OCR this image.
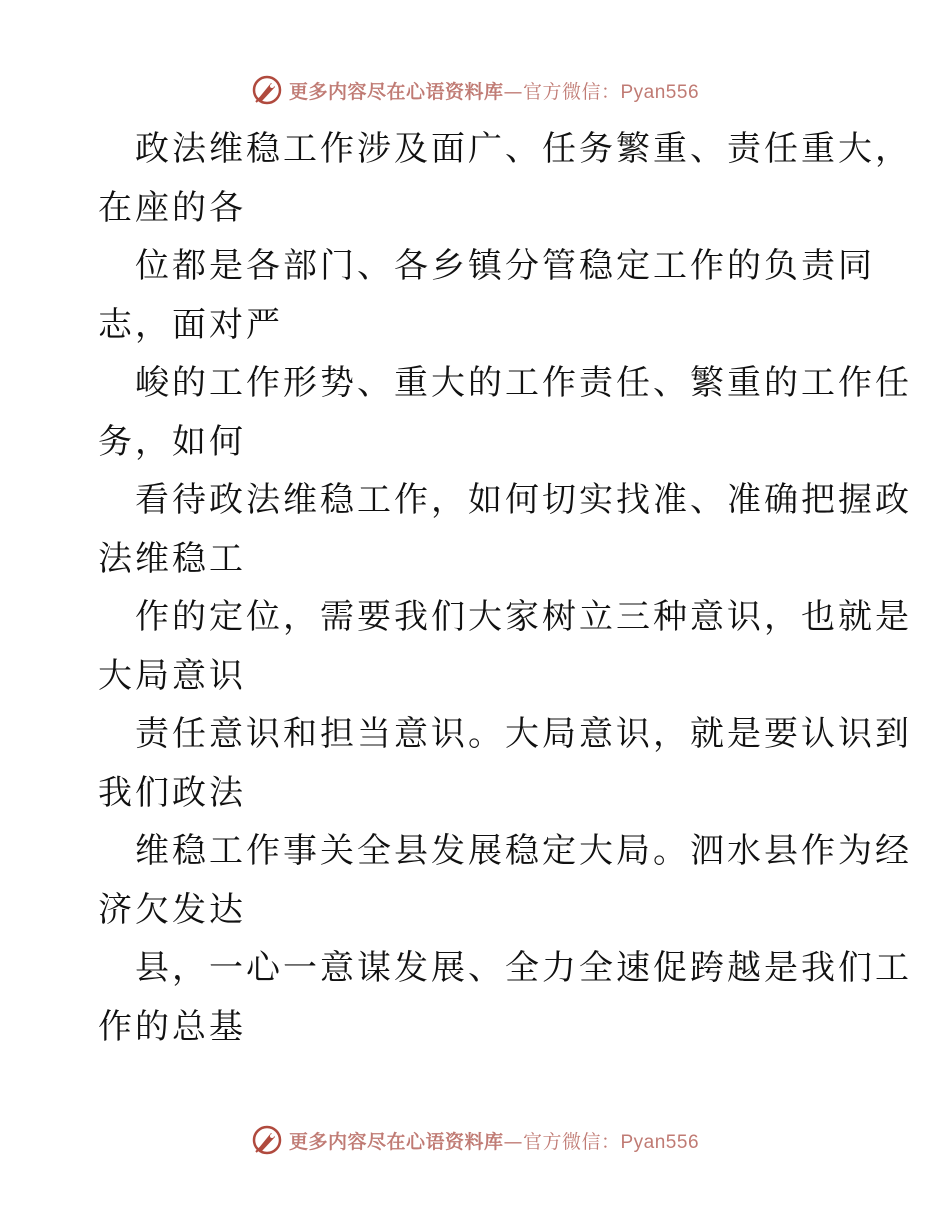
更多内容尽在心语资料库—官方微信：Pyan556
政法维稳工作涉及面广、任务繁重、责任重大，
在座的各
位都是各部门、各乡镇分管稳定工作的负责同
志，面对严
峻的工作形势、重大的工作责任、繁重的工作任
务，如何
看待政法维稳工作，如何切实找准、准确把握政
法维稳工
作的定位，需要我们大家树立三种意识，也就是
大局意识
责任意识和担当意识。大局意识，就是要认识到
我们政法
维稳工作事关全县发展稳定大局。泗水县作为经
济欠发达
县，一心一意谋发展、全力全速促跨越是我们工
作的总基
更多内容尽在心语资料库—官方微信：Pyan556
